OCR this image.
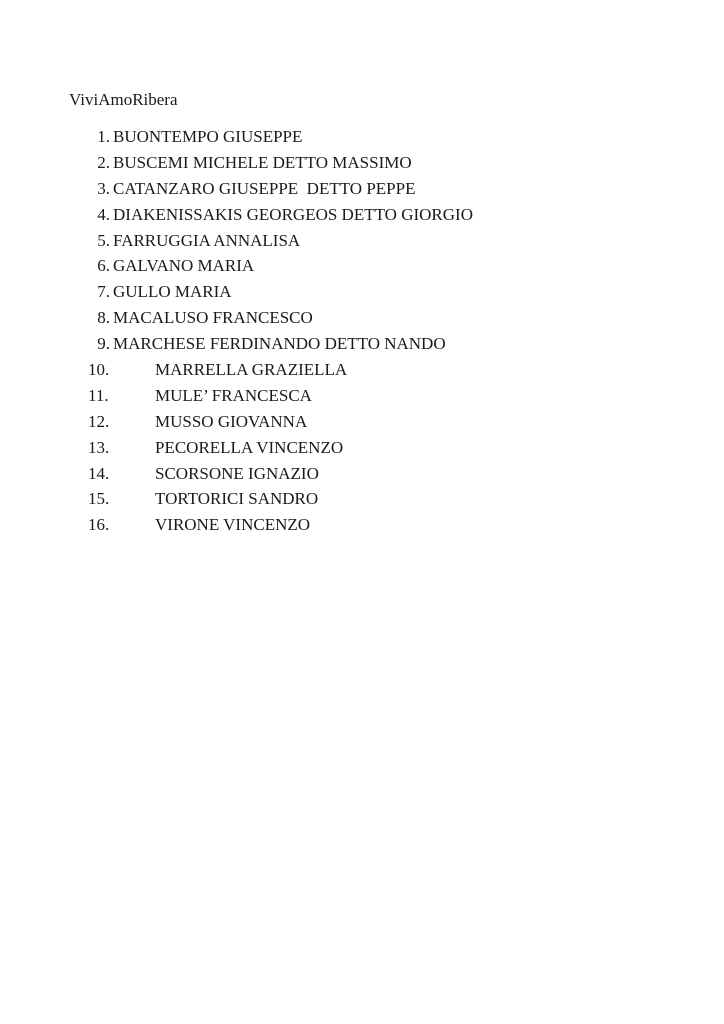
ViviAmoRibera
1. BUONTEMPO GIUSEPPE
2. BUSCEMI MICHELE DETTO MASSIMO
3. CATANZARO GIUSEPPE  DETTO PEPPE
4. DIAKENISSAKIS GEORGEOS DETTO GIORGIO
5. FARRUGGIA ANNALISA
6. GALVANO MARIA
7. GULLO MARIA
8. MACALUSO FRANCESCO
9. MARCHESE FERDINANDO DETTO NANDO
10.	MARRELLA GRAZIELLA
11.	MULE’ FRANCESCA
12.	MUSSO GIOVANNA
13.	PECORELLA VINCENZO
14.	SCORSONE IGNAZIO
15.	TORTORICI SANDRO
16.	VIRONE VINCENZO
